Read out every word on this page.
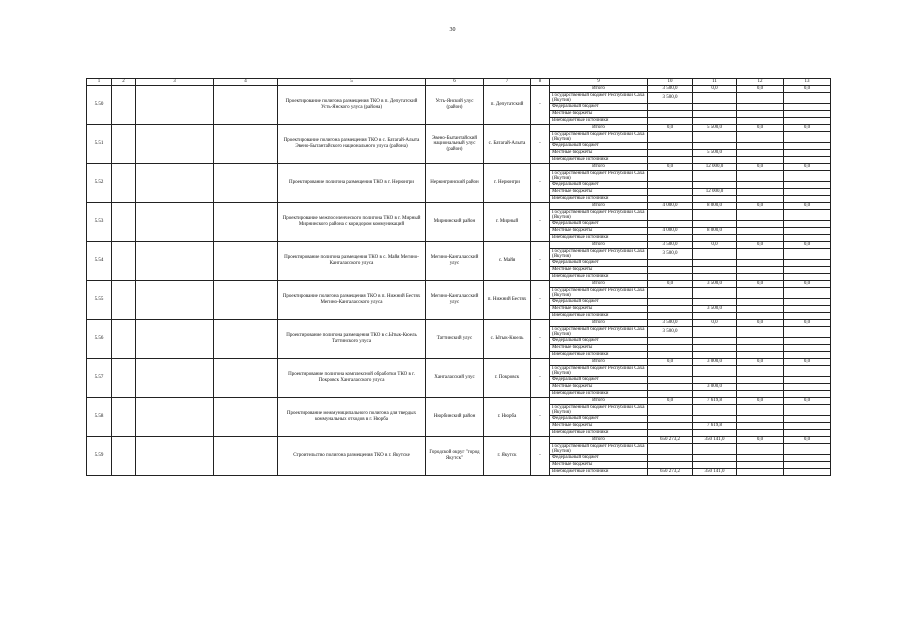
30
1	2	3	4	5	6	7	8	9	10	11	12	13
5.50				Проектирование полигона размещения ТКО в п. Депутатский Усть-Янского улуса (района)	Усть-Янский улус (район)	п. Депутатский	-	Итого	3 500,0	0,0	0,0	0,0
								Государственный бюджет Республики Саха (Якутия)	3 500,0			
								Федеральный бюджет				
								Местные бюджеты				
								Внебюджетные источники				
5.51				Проектирование полигона размещения ТКО в с. Батагай-Алыта Эвено-Бытантайского национального улуса (района)	Эвено-Бытантайский национальный улус (район)	с. Батагай-Алыта	-	Итого	0,0	5 500,0	0,0	0,0
								Государственный бюджет Республики Саха (Якутия)				
								Федеральный бюджет				
								Местные бюджеты		5 500,0		
								Внебюджетные источники				
5.52				Проектирование полигона размещения ТКО в г. Нерюнгри	Нерюнгринский район	г. Нерюнгри	-	Итого	0,0	12 000,0	0,0	0,0
								Государственный бюджет Республики Саха (Якутия)				
								Федеральный бюджет				
								Местные бюджеты		12 000,0		
								Внебюджетные источники				
5.53				Проектирование межпоселенческого полигона ТКО в г. Мирный Мирнинского района с коридором коммуникаций	Мирнинский район	г. Мирный	-	Итого	4 000,0	8 000,0	0,0	0,0
								Государственный бюджет Республики Саха (Якутия)				
								Федеральный бюджет				
								Местные бюджеты	4 000,0	8 000,0		
								Внебюджетные источники				
5.54				Проектирование полигона размещения ТКО в с. Майя Мегино-Кангаласского улуса	Мегино-Кангаласский улус	с. Майя	-	Итого	3 500,0	0,0	0,0	0,0
								Государственный бюджет Республики Саха (Якутия)	3 500,0			
								Федеральный бюджет				
								Местные бюджеты				
								Внебюджетные источники				
5.55				Проектирование полигона размещения ТКО в п. Нижний Бестях Мегино-Кангаласского улуса	Мегино-Кангаласский улус	п. Нижний Бестях	-	Итого	0,0	3 500,0	0,0	0,0
								Государственный бюджет Республики Саха (Якутия)				
								Федеральный бюджет				
								Местные бюджеты		3 500,0		
								Внебюджетные источники				
5.56				Проектирование полигона размещения ТКО в с.Ытык-Кюель Таттинского улуса	Таттинский улус	с. Ытык-Кюель	-	Итого	3 500,0	0,0	0,0	0,0
								Государственный бюджет Республики Саха (Якутия)	3 500,0			
								Федеральный бюджет				
								Местные бюджеты				
								Внебюджетные источники				
5.57				Проектирование полигона комплексной обработки ТКО в г. Покровск Хангаласского улуса	Хангаласский улус	г. Покровск	-	Итого	0,0	3 000,0	0,0	0,0
								Государственный бюджет Республики Саха (Якутия)				
								Федеральный бюджет				
								Местные бюджеты		3 000,0		
								Внебюджетные источники				
5.58				Проектирование межмуниципального полигона для твердых коммунальных отходов в г. Нюрба	Нюрбинский район	г. Нюрба	-	Итого	0,0	7 619,8	0,0	0,0
								Государственный бюджет Республики Саха (Якутия)				
								Федеральный бюджет				
								Местные бюджеты		7 619,8		
								Внебюджетные источники				
5.59				Строительство полигона размещения ТКО в г. Якутске	Городской округ "город Якутск"	г. Якутск	-	Итого	650 273,2	350 141,0	0,0	0,0
								Государственный бюджет Республики Саха (Якутия)				
								Федеральный бюджет				
								Местные бюджеты				
								Внебюджетные источники	650 273,2	350 141,0		
